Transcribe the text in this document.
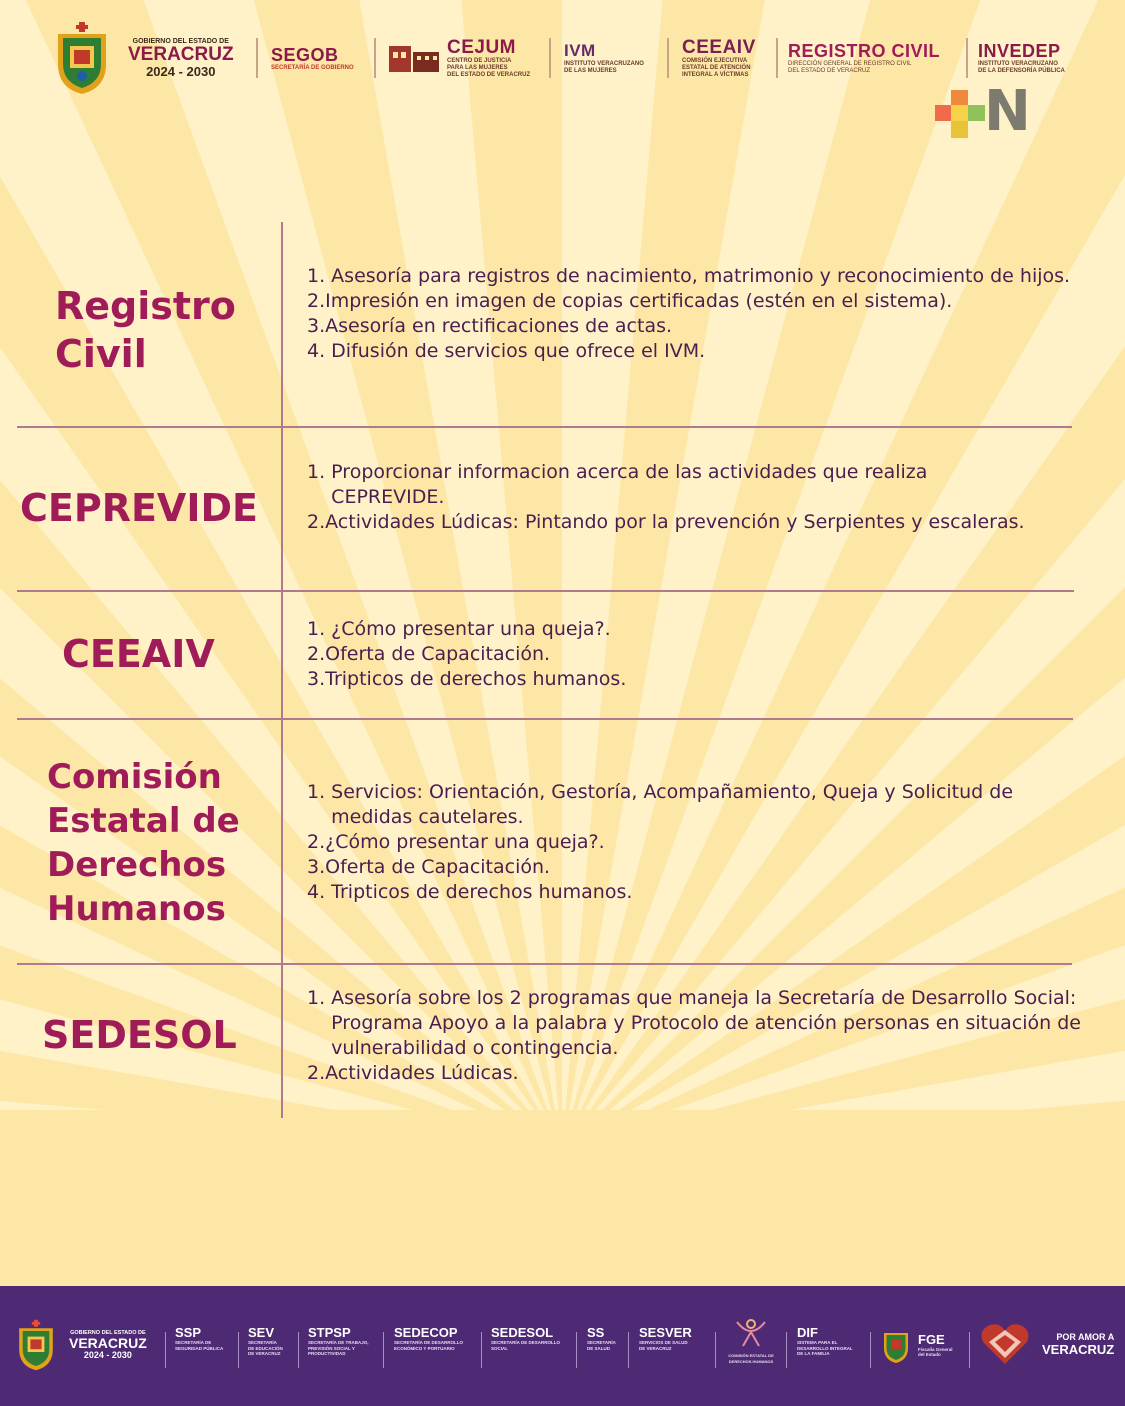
GOBIERNO DEL ESTADO DE
VERACRUZ
2024 - 2030
SEGOB
SECRETARÍA DE GOBIERNO
CEJUM
CENTRO DE JUSTICIA
PARA LAS MUJERES
DEL ESTADO DE VERACRUZ
IVM
INSTITUTO VERACRUZANO
DE LAS MUJERES
CEEAIV
COMISIÓN EJECUTIVA
ESTATAL DE ATENCIÓN
INTEGRAL A VÍCTIMAS
REGISTRO CIVIL
DIRECCIÓN GENERAL DE REGISTRO CIVIL
DEL ESTADO DE VERACRUZ
INVEDEP
INSTITUTO VERACRUZANO
DE LA DEFENSORÍA PÚBLICA
N
Registro
Civil
1. Asesoría para registros de nacimiento, matrimonio y reconocimiento de hijos.
2. Impresión en imagen de copias certificadas (estén en el sistema).
3. Asesoría en rectificaciones de actas.
4. Difusión de servicios que ofrece el IVM.
CEPREVIDE
1. Proporcionar informacion acerca de las actividades que realiza CEPREVIDE.
2. Actividades Lúdicas: Pintando por la prevención y Serpientes y escaleras.
CEEAIV
1. ¿Cómo presentar una queja?.
2. Oferta de Capacitación.
3. Tripticos de derechos humanos.
Comisión
Estatal de
Derechos
Humanos
1. Servicios: Orientación, Gestoría, Acompañamiento, Queja y Solicitud de medidas cautelares.
2. ¿Cómo presentar una queja?.
3. Oferta de Capacitación.
4. Tripticos de derechos humanos.
SEDESOL
1. Asesoría sobre los 2 programas que maneja la Secretaría de Desarrollo Social: Programa Apoyo a la palabra y Protocolo de atención personas en situación de vulnerabilidad o contingencia.
2. Actividades Lúdicas.
GOBIERNO DEL ESTADO DE
VERACRUZ
2024 - 2030
SSP
SECRETARÍA DE
SEGURIDAD PÚBLICA
SEV
SECRETARÍA
DE EDUCACIÓN
DE VERACRUZ
STPSP
SECRETARÍA DE TRABAJO,
PREVISIÓN SOCIAL Y
PRODUCTIVIDAD
SEDECOP
SECRETARÍA DE DESARROLLO
ECONÓMICO Y PORTUARIO
SEDESOL
SECRETARÍA DE DESARROLLO
SOCIAL
SS
SECRETARÍA
DE SALUD
SESVER
SERVICIOS DE SALUD
DE VERACRUZ
COMISIÓN ESTATAL DE
DERECHOS HUMANOS
DIF
SISTEMA PARA EL
DESARROLLO INTEGRAL
DE LA FAMILIA
FGE
Fiscalía General
del Estado
POR AMOR A
VERACRUZ
